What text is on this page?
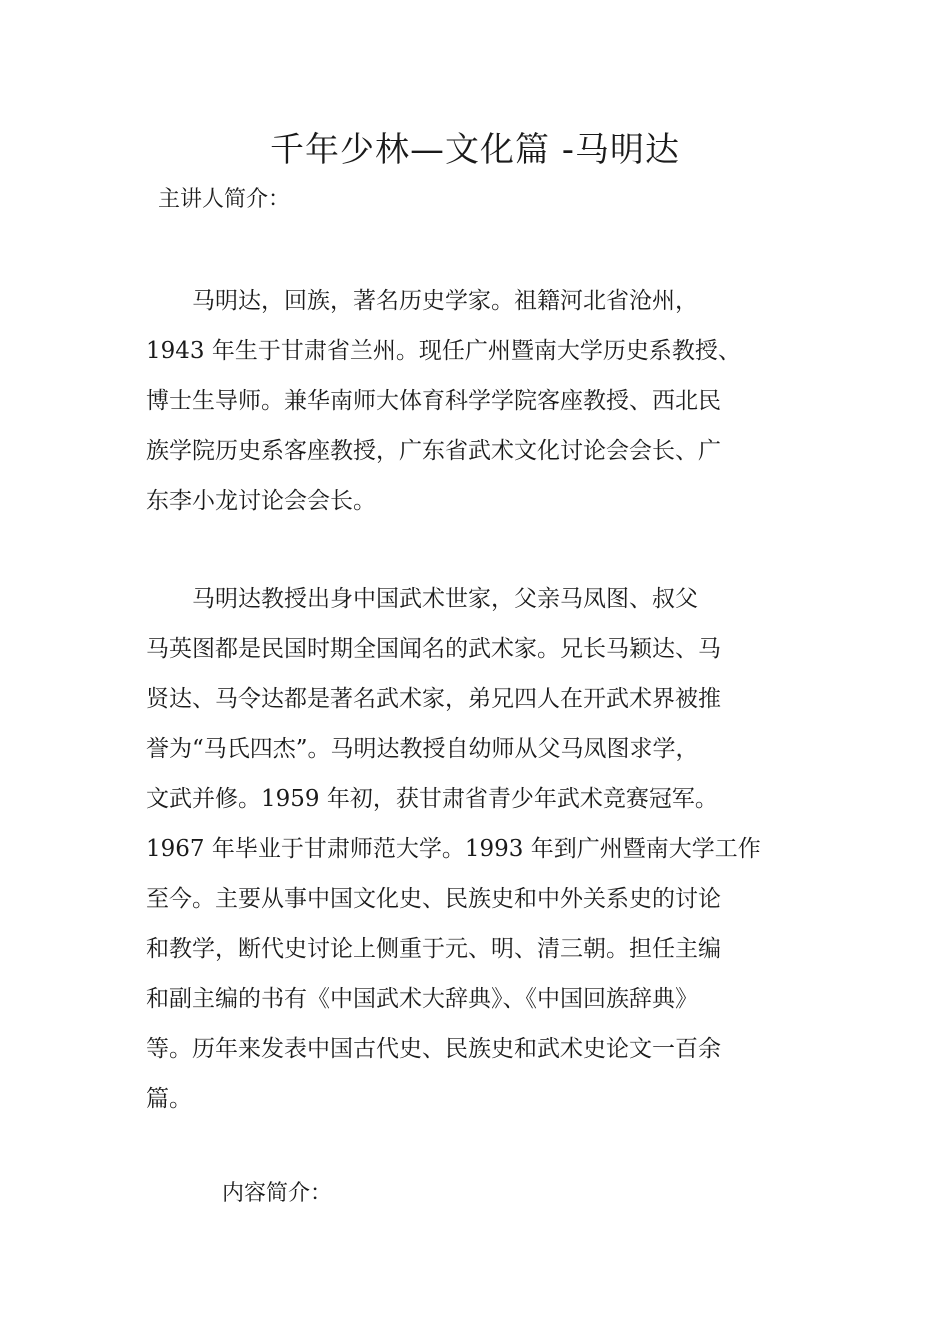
千年少林—文化篇 -马明达
主讲人简介：
　　马明达，回族，著名历史学家。祖籍河北省沧州，
1943 年生于甘肃省兰州。现任广州暨南大学历史系教授、
博士生导师。兼华南师大体育科学学院客座教授、西北民
族学院历史系客座教授，广东省武术文化讨论会会长、广
东李小龙讨论会会长。
　　马明达教授出身中国武术世家，父亲马凤图、叔父
马英图都是民国时期全国闻名的武术家。兄长马颖达、马
贤达、马令达都是著名武术家，弟兄四人在开武术界被推
誉为“马氏四杰”。马明达教授自幼师从父马凤图求学，
文武并修。1959 年初，获甘肃省青少年武术竞赛冠军。
1967 年毕业于甘肃师范大学。1993 年到广州暨南大学工作
至今。主要从事中国文化史、民族史和中外关系史的讨论
和教学，断代史讨论上侧重于元、明、清三朝。担任主编
和副主编的书有《中国武术大辞典》、《中国回族辞典》
等。历年来发表中国古代史、民族史和武术史论文一百余
篇。
内容简介：
